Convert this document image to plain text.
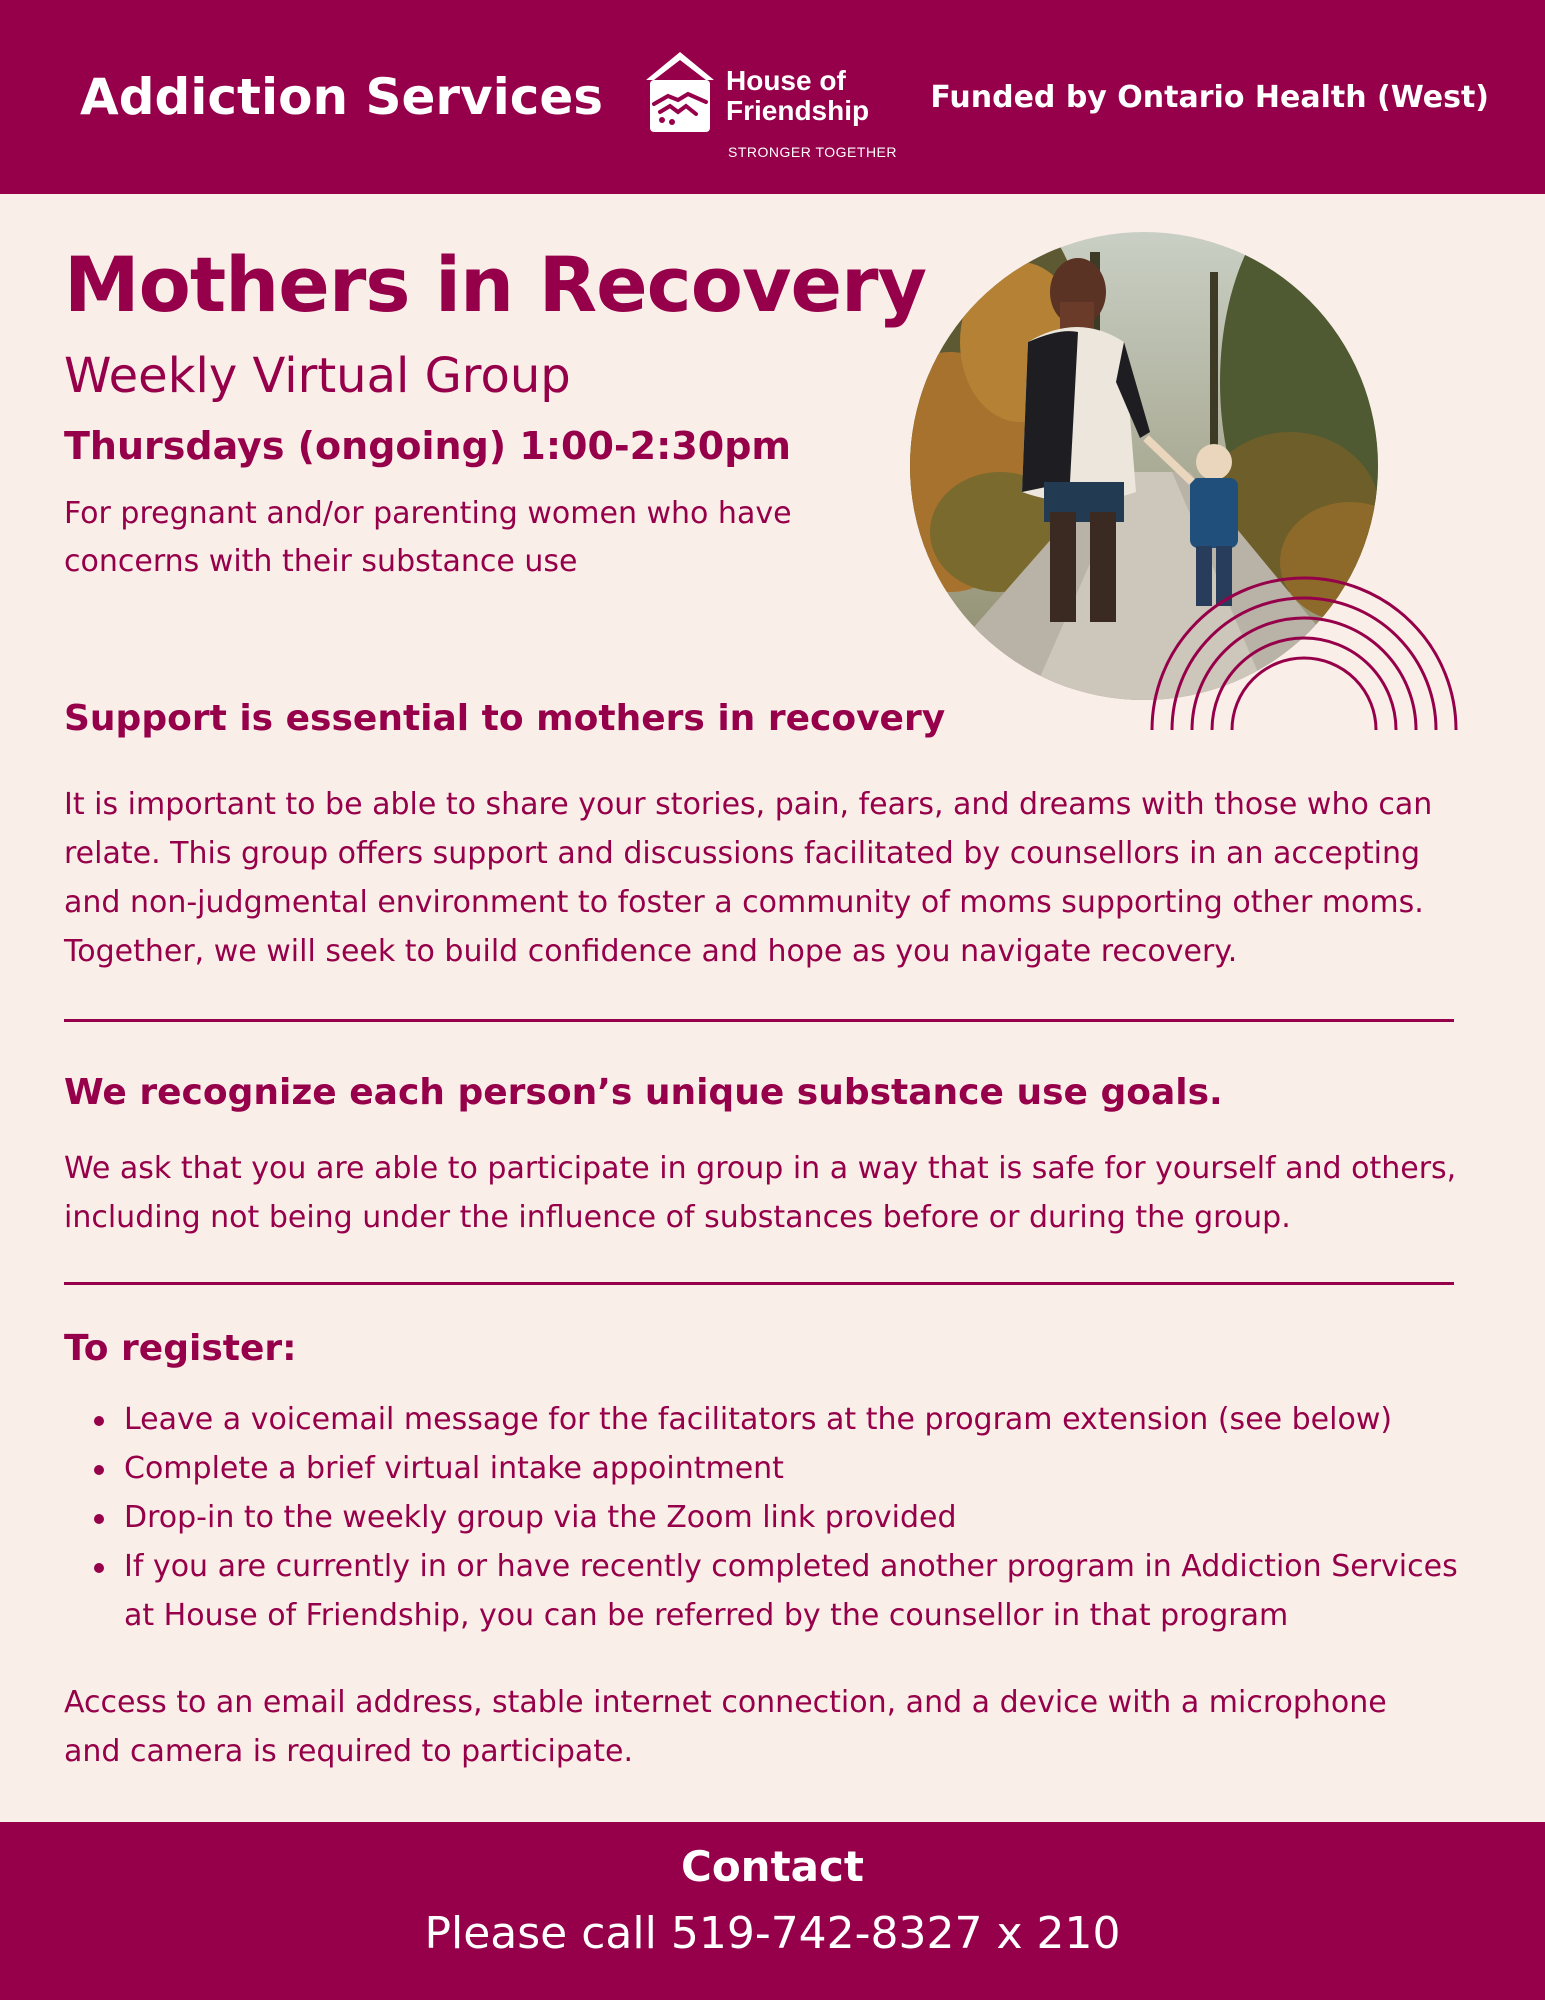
Addiction Services	House of
Friendship
STRONGER TOGETHER
Funded by Ontario Health (West)
Mothers in Recovery
Weekly Virtual Group
Thursdays (ongoing) 1:00-2:30pm
For pregnant and/or parenting women who have concerns with their substance use
Support is essential to mothers in recovery
It is important to be able to share your stories, pain, fears, and dreams with those who can relate. This group offers support and discussions facilitated by counsellors in an accepting and non-judgmental environment to foster a community of moms supporting other moms. Together, we will seek to build confidence and hope as you navigate recovery.
We recognize each person’s unique substance use goals.
We ask that you are able to participate in group in a way that is safe for yourself and others, including not being under the influence of substances before or during the group.
To register:
Leave a voicemail message for the facilitators at the program extension (see below)
Complete a brief virtual intake appointment
Drop-in to the weekly group via the Zoom link provided
If you are currently in or have recently completed another program in Addiction Services at House of Friendship, you can be referred by the counsellor in that program
Access to an email address, stable internet connection, and a device with a microphone and camera is required to participate.
Contact
Please call 519-742-8327 x 210
